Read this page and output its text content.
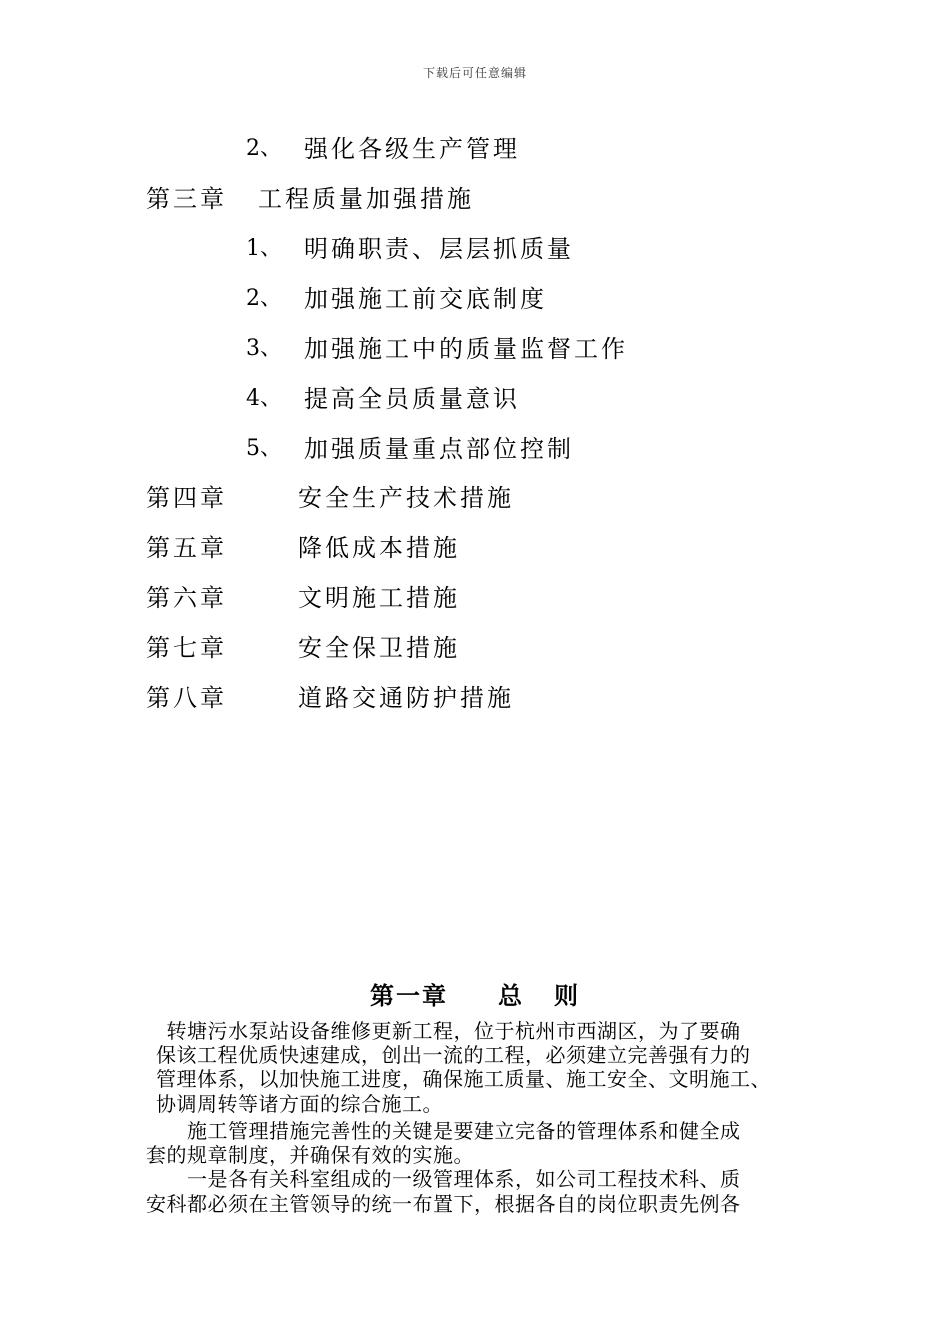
下载后可任意编辑
2、 强化各级生产管理
第三章 工程质量加强措施
1、 明确职责、层层抓质量
2、 加强施工前交底制度
3、 加强施工中的质量监督工作
4、 提高全员质量意识
5、 加强质量重点部位控制
第四章	安全生产技术措施
第五章	降低成本措施
第六章	文明施工措施
第七章	安全保卫措施
第八章	道路交通防护措施
第一章 总 则
　转塘污水泵站设备维修更新工程，位于杭州市西湖区，为了要确
保该工程优质快速建成，创出一流的工程，必须建立完善强有力的
管理体系，以加快施工进度，确保施工质量、施工安全、文明施工、
协调周转等诸方面的综合施工。
　　施工管理措施完善性的关键是要建立完备的管理体系和健全成
套的规章制度，并确保有效的实施。
　　一是各有关科室组成的一级管理体系，如公司工程技术科、质
安科都必须在主管领导的统一布置下，根据各自的岗位职责先例各
